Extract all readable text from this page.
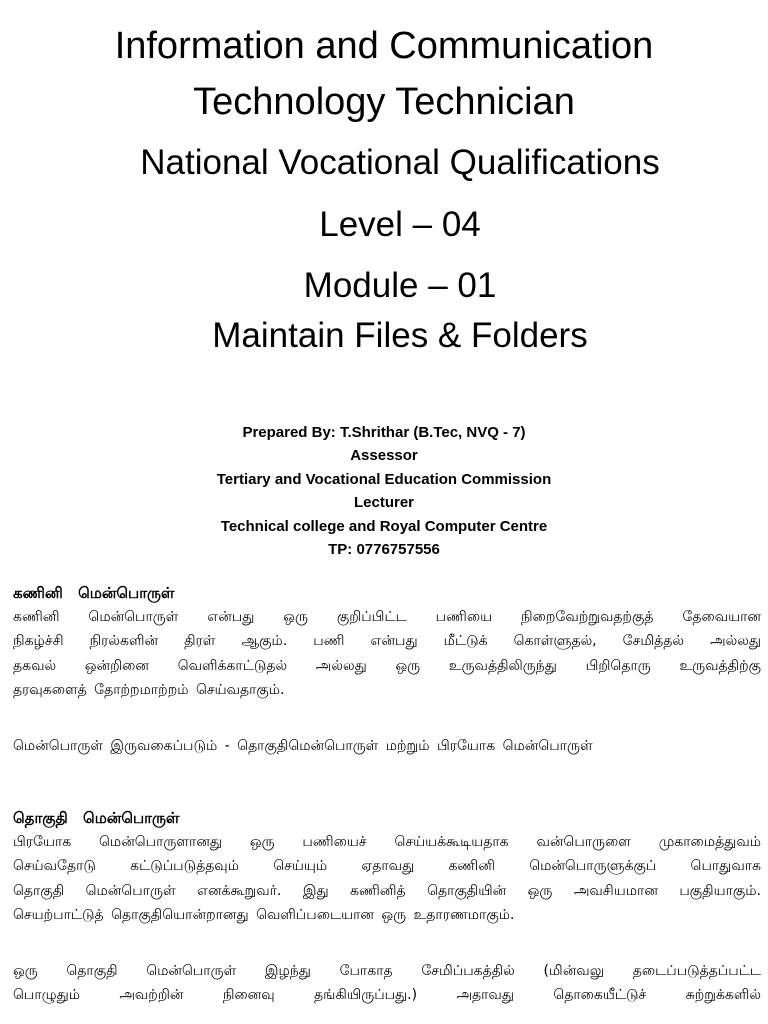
Information and Communication

Technology Technician

National Vocational Qualifications

Level – 04

Module – 01

Maintain Files & Folders

Prepared By: T.Shrithar (B.Tec, NVQ - 7)
Assessor
Tertiary and Vocational Education Commission
Lecturer
Technical college and Royal Computer Centre
TP: 0776757556

கணினி மென்பொருள்

கணினி மென்பொருள் என்பது ஒரு குறிப்பிட்ட பணியை நிறைவேற்றுவதற்குத் தேவையான
நிகழ்ச்சி நிரல்களின் திரள் ஆகும். பணி என்பது மீட்டுக் கொள்ளுதல், சேமித்தல் அல்லது
தகவல் ஒன்றினை வெளிக்காட்டுதல் அல்லது ஒரு உருவத்திலிருந்து பிறிதொரு உருவத்திற்கு
தரவுகளைத் தோற்றமாற்றம் செய்வதாகும்.

மென்பொருள் இருவகைப்படும் - தொகுதிமென்பொருள் மற்றும் பிரயோக மென்பொருள்

தொகுதி மென்பொருள்

பிரயோக மென்பொருளானது ஒரு பணியைச் செய்யக்கூடியதாக வன்பொருளை முகாமைத்துவம்
செய்வதோடு கட்டுப்படுத்தவும் செய்யும் ஏதாவது கணினி மென்பொருளுக்குப் பொதுவாக
தொகுதி மென்பொருள் எனக்கூறுவர். இது கணினித் தொகுதியின் ஒரு அவசியமான பகுதியாகும்.
செயற்பாட்டுத் தொகுதியொன்றானது வெளிப்படையான ஒரு உதாரணமாகும்.
ஒரு தொகுதி மென்பொருள் இழந்து போகாத சேமிப்பகத்தில் (மின்வலு தடைப்படுத்தப்பட்ட
பொழுதும் அவற்றின் நினைவு தங்கியிருப்பது.) அதாவது தொகையீட்டுச் சுற்றுக்களில்
